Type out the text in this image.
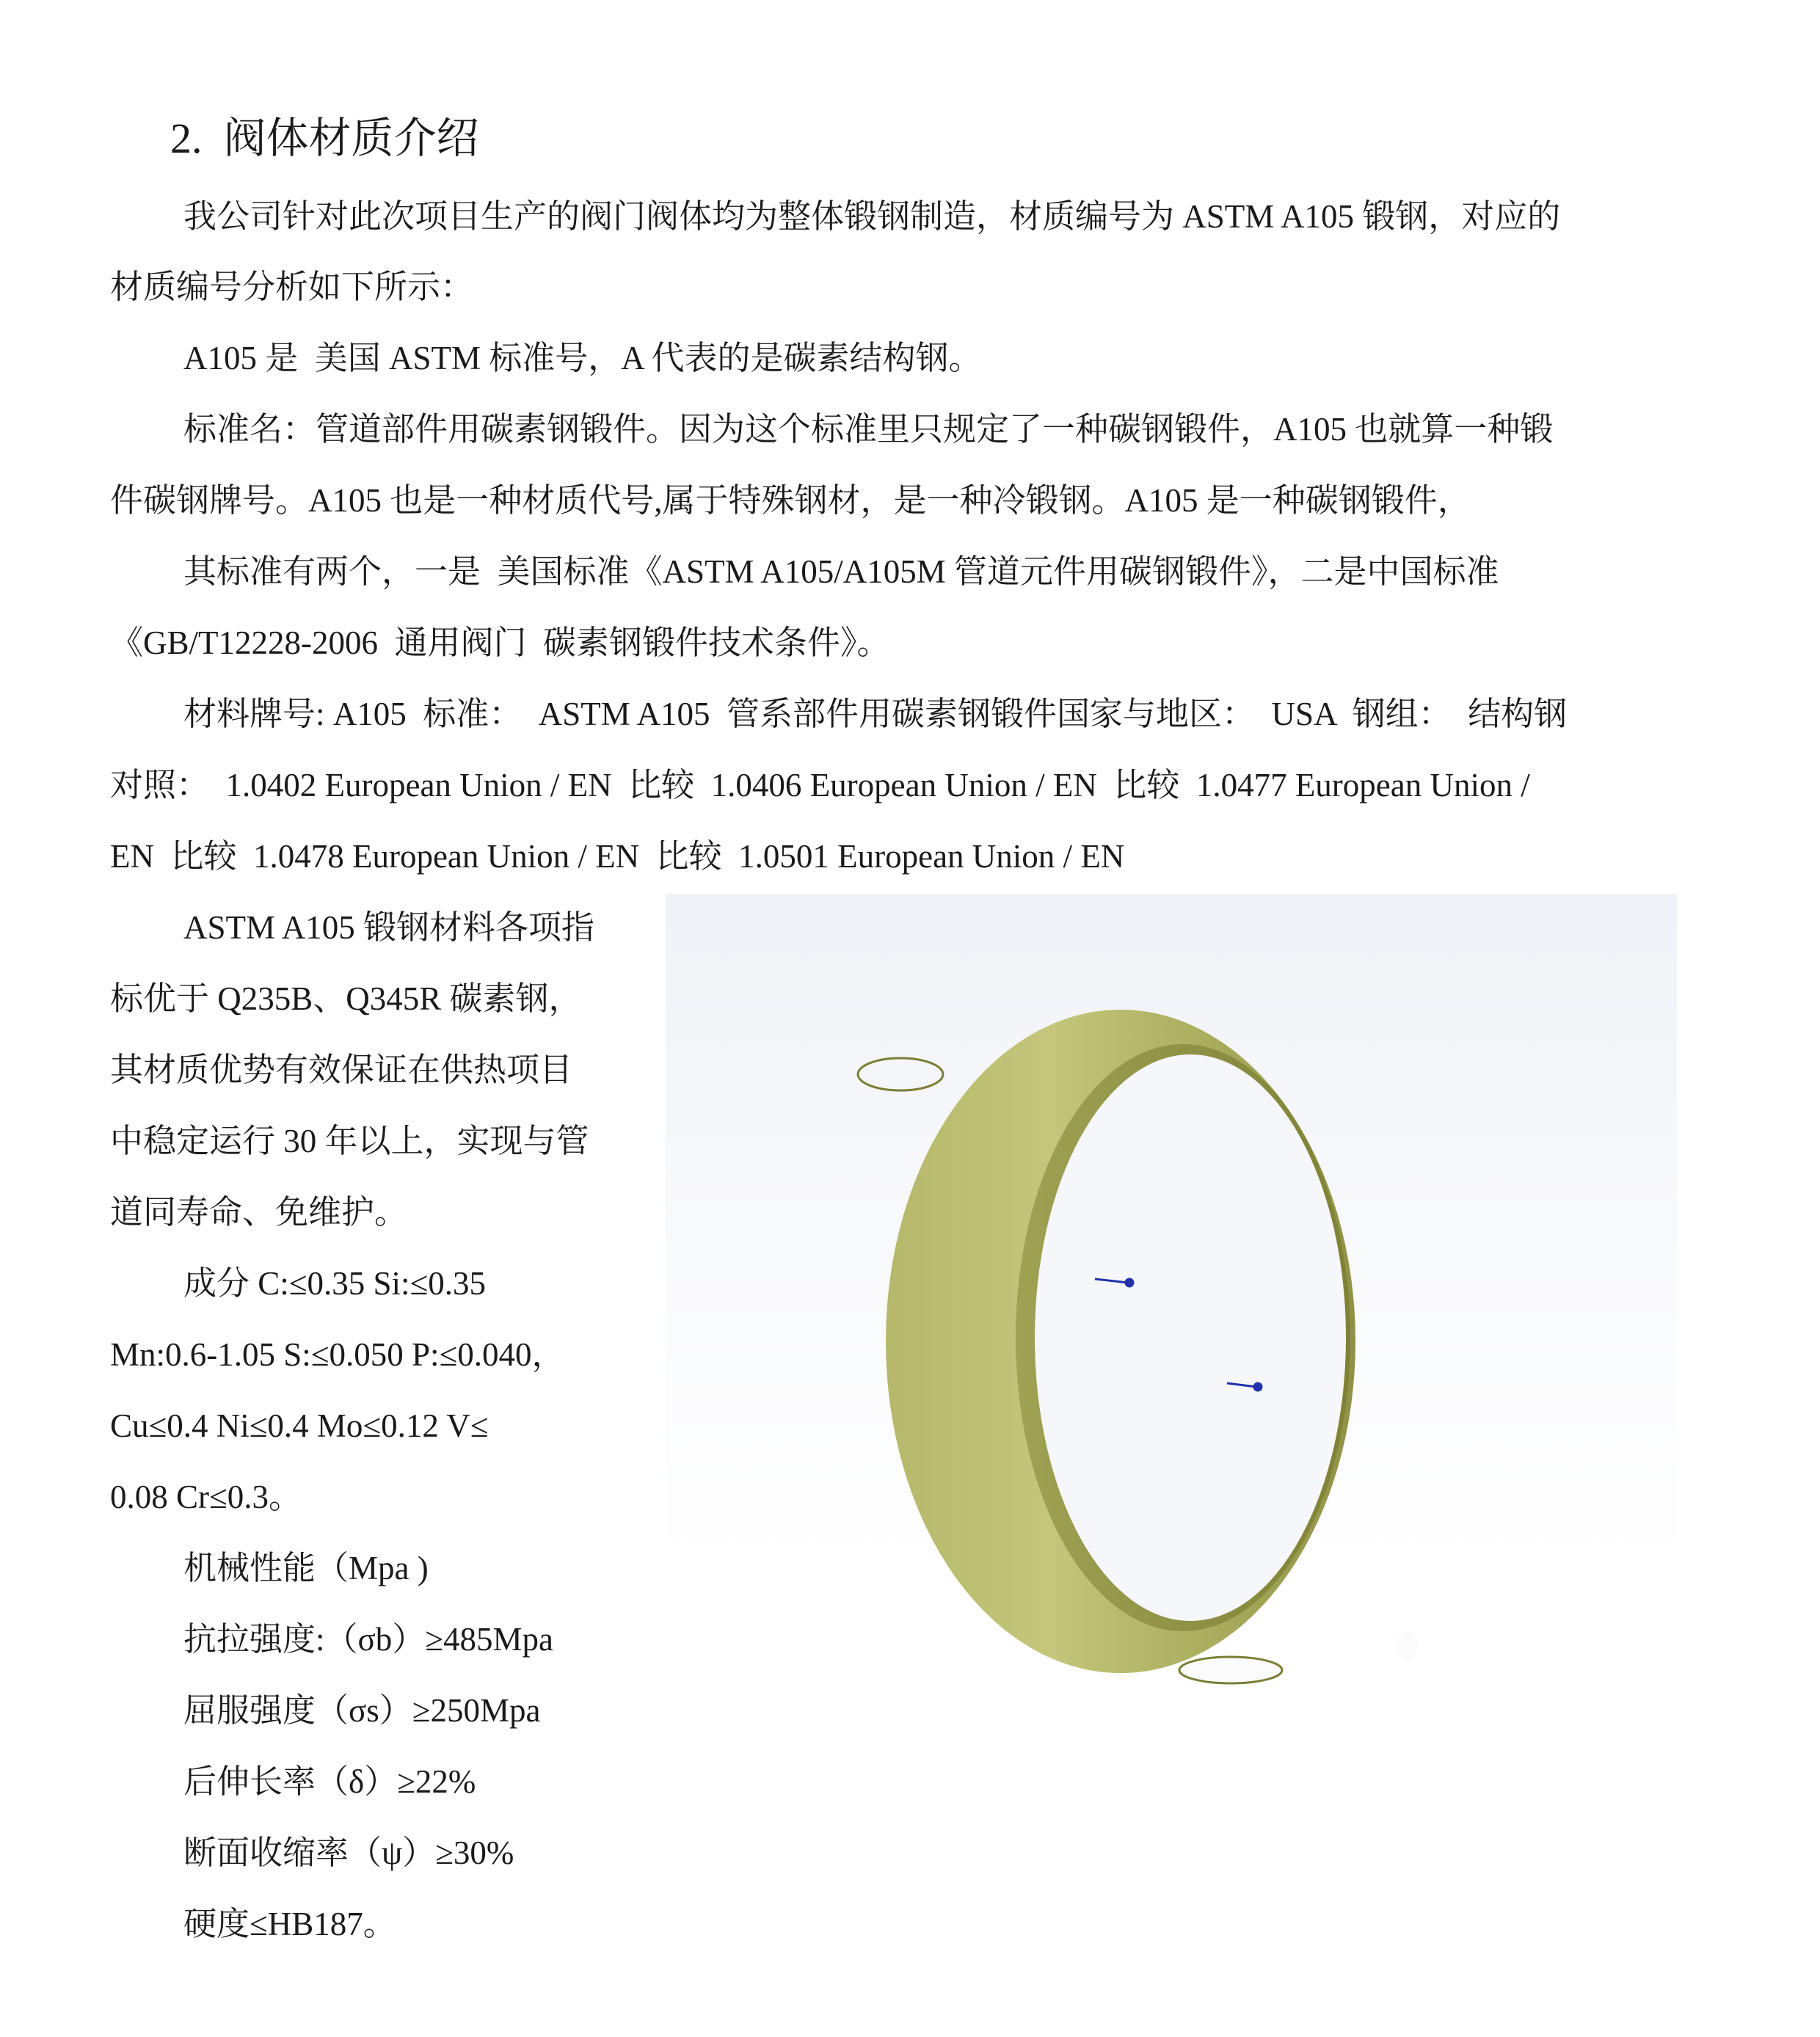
2.  阀体材质介绍
我公司针对此次项目生产的阀门阀体均为整体锻钢制造，材质编号为 ASTM A105 锻钢，对应的
材质编号分析如下所示：
A105 是  美国 ASTM 标准号，A 代表的是碳素结构钢。
标准名：管道部件用碳素钢锻件。因为这个标准里只规定了一种碳钢锻件，A105 也就算一种锻
件碳钢牌号。A105 也是一种材质代号,属于特殊钢材，是一种冷锻钢。A105 是一种碳钢锻件，
其标准有两个，一是  美国标准《ASTM A105/A105M 管道元件用碳钢锻件》，二是中国标准
《GB/T12228-2006  通用阀门  碳素钢锻件技术条件》。
材料牌号: A105  标准：  ASTM A105  管系部件用碳素钢锻件国家与地区：  USA  钢组：  结构钢
对照：  1.0402 European Union / EN  比较  1.0406 European Union / EN  比较  1.0477 European Union /
EN  比较  1.0478 European Union / EN  比较  1.0501 European Union / EN
ASTM A105 锻钢材料各项指
标优于 Q235B、Q345R 碳素钢，
其材质优势有效保证在供热项目
中稳定运行 30 年以上，实现与管
道同寿命、免维护。
成分 C:≤0.35 Si:≤0.35
Mn:0.6-1.05 S:≤0.050 P:≤0.040，
Cu≤0.4 Ni≤0.4 Mo≤0.12 V≤
0.08 Cr≤0.3。
机械性能（Mpa )
抗拉强度:（σb）≥485Mpa
屈服强度（σs）≥250Mpa
后伸长率（δ）≥22%
断面收缩率（ψ）≥30%
硬度≤HB187。
